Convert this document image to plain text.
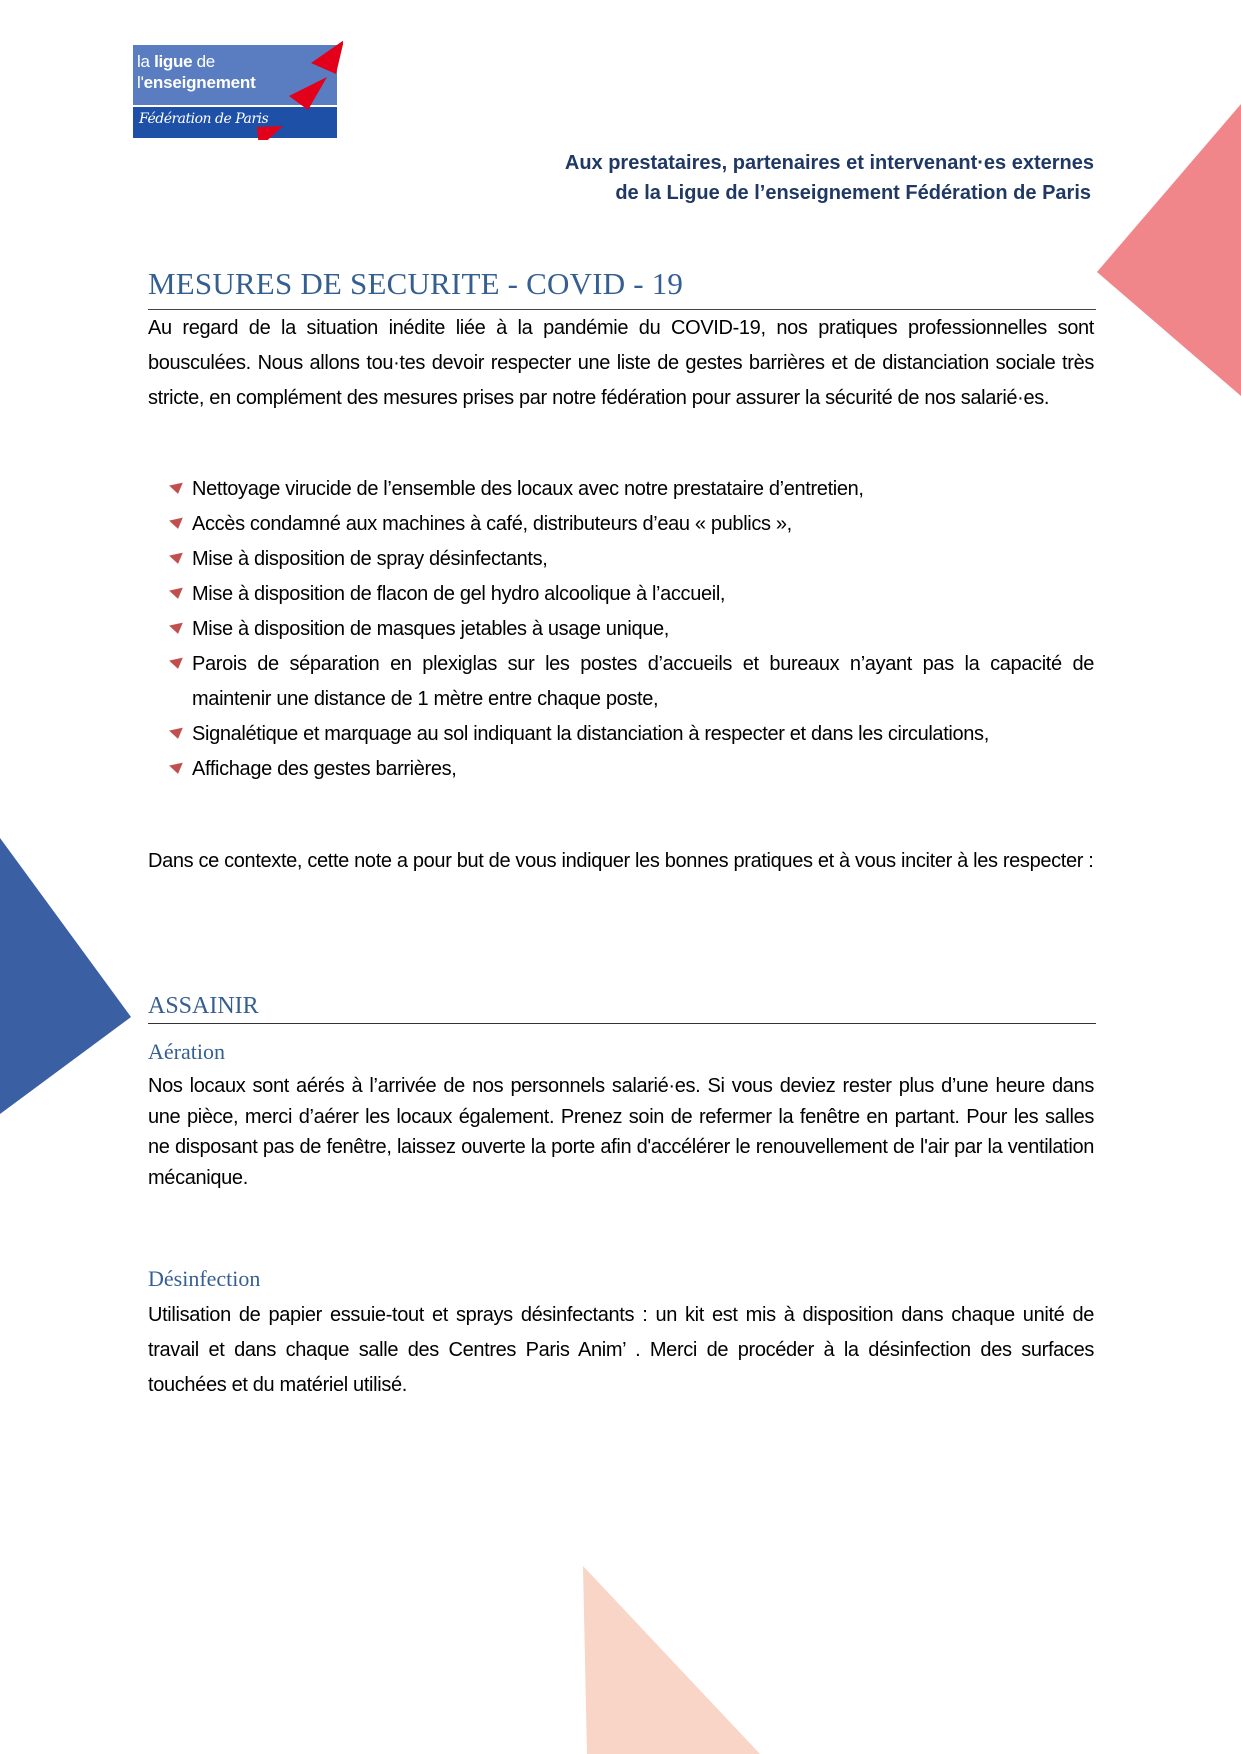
la ligue de
l'enseignement
Fédération de Paris
Aux prestataires, partenaires et intervenant·es externes
de la Ligue de l’enseignement Fédération de Paris
MESURES DE SECURITE - COVID - 19

Au regard de la situation inédite liée à la pandémie du COVID-19, nos pratiques professionnelles sont bousculées. Nous allons tou·tes devoir respecter une liste de gestes barrières et de distanciation sociale très stricte, en complément des mesures prises par notre fédération pour assurer la sécurité de nos salarié·es.

Nettoyage virucide de l’ensemble des locaux avec notre prestataire d’entretien,
Accès condamné aux machines à café, distributeurs d’eau « publics »,
Mise à disposition de spray désinfectants,
Mise à disposition de flacon de gel hydro alcoolique à l’accueil,
Mise à disposition de masques jetables à usage unique,
Parois de séparation en plexiglas sur les postes d’accueils et bureaux n’ayant pas la capacité de maintenir une distance de 1 mètre entre chaque poste,
Signalétique et marquage au sol indiquant la distanciation à respecter et dans les circulations,
Affichage des gestes barrières,

Dans ce contexte, cette note a pour but de vous indiquer les bonnes pratiques et à vous inciter à les respecter :

ASSAINIR
Aération

Nos locaux sont aérés à l’arrivée de nos personnels salarié·es. Si vous deviez rester plus d’une heure dans une pièce, merci d’aérer les locaux également. Prenez soin de refermer la fenêtre en partant. Pour les salles ne disposant pas de fenêtre, laissez ouverte la porte afin d'accélérer le renouvellement de l'air par la ventilation mécanique.

Désinfection

Utilisation de papier essuie-tout et sprays désinfectants : un kit est mis à disposition dans chaque unité de travail et dans chaque salle des Centres Paris Anim’ . Merci de procéder à la désinfection des surfaces touchées et du matériel utilisé.
